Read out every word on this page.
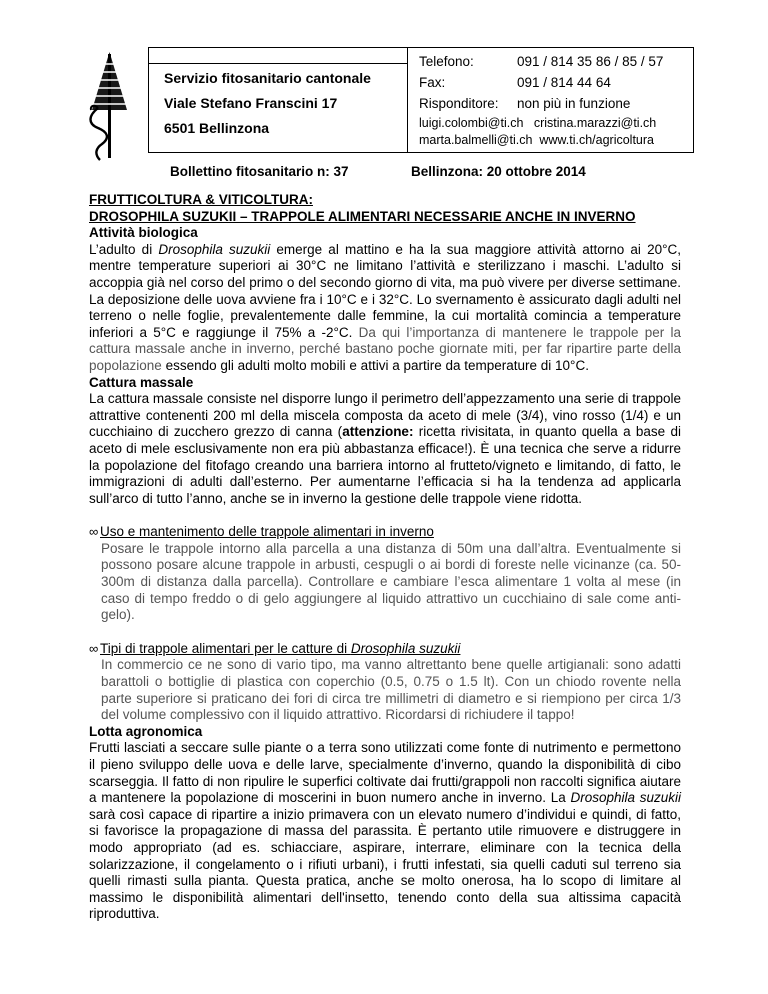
Servizio fitosanitario cantonale
Viale Stefano Franscini 17
6501 Bellinzona
Telefono:	091 / 814 35 86 / 85 / 57
Fax:	091 / 814 44 64
Risponditore: non più in funzione
luigi.colombi@ti.ch   cristina.marazzi@ti.ch
marta.balmelli@ti.ch  www.ti.ch/agricoltura
Bollettino fitosanitario n: 37	Bellinzona: 20 ottobre 2014

FRUTTICOLTURA & VITICOLTURA:

DROSOPHILA SUZUKII – TRAPPOLE ALIMENTARI NECESSARIE ANCHE IN INVERNO

Attività biologica

L’adulto di Drosophila suzukii emerge al mattino e ha la sua maggiore attività attorno ai 20°C, mentre temperature superiori ai 30°C ne limitano l’attività e sterilizzano i maschi. L’adulto si accoppia già nel corso del primo o del secondo giorno di vita, ma può vivere per diverse settimane. La deposizione delle uova avviene fra i 10°C e i 32°C. Lo svernamento è assicurato dagli adulti nel terreno o nelle foglie, prevalentemente dalle femmine, la cui mortalità comincia a temperature inferiori a 5°C e raggiunge il 75% a -2°C. Da qui l’importanza di mantenere le trappole per la cattura massale anche in inverno, perché bastano poche giornate miti, per far ripartire parte della popolazione essendo gli adulti molto mobili e attivi a partire da temperature di 10°C.

Cattura massale

La cattura massale consiste nel disporre lungo il perimetro dell’appezzamento una serie di trappole attrattive contenenti 200 ml della miscela composta da aceto di mele (3/4), vino rosso (1/4) e un cucchiaino di zucchero grezzo di canna (attenzione: ricetta rivisitata, in quanto quella a base di aceto di mele esclusivamente non era più abbastanza efficace!). È una tecnica che serve a ridurre la popolazione del fitofago creando una barriera intorno al frutteto/vigneto e limitando, di fatto, le immigrazioni di adulti dall’esterno. Per aumentarne l’efficacia si ha la tendenza ad applicarla sull’arco di tutto l’anno, anche se in inverno la gestione delle trappole viene ridotta.

∞ Uso e mantenimento delle trappole alimentari in inverno

Posare le trappole intorno alla parcella a una distanza di 50m una dall’altra. Eventualmente si possono posare alcune trappole in arbusti, cespugli o ai bordi di foreste nelle vicinanze (ca. 50-300m di distanza dalla parcella). Controllare e cambiare l’esca alimentare 1 volta al mese (in caso di tempo freddo o di gelo aggiungere al liquido attrattivo un cucchiaino di sale come anti-gelo).

∞ Tipi di trappole alimentari per le catture di Drosophila suzukii

In commercio ce ne sono di vario tipo, ma vanno altrettanto bene quelle artigianali: sono adatti barattoli o bottiglie di plastica con coperchio (0.5, 0.75 o 1.5 lt). Con un chiodo rovente nella parte superiore si praticano dei fori di circa tre millimetri di diametro e si riempiono per circa 1/3 del volume complessivo con il liquido attrattivo. Ricordarsi di richiudere il tappo!

Lotta agronomica

Frutti lasciati a seccare sulle piante o a terra sono utilizzati come fonte di nutrimento e permettono il pieno sviluppo delle uova e delle larve, specialmente d’inverno, quando la disponibilità di cibo scarseggia. Il fatto di non ripulire le superfici coltivate dai frutti/grappoli non raccolti significa aiutare a mantenere la popolazione di moscerini in buon numero anche in inverno. La Drosophila suzukii sarà così capace di ripartire a inizio primavera con un elevato numero d’individui e quindi, di fatto, si favorisce la propagazione di massa del parassita. È pertanto utile rimuovere e distruggere in modo appropriato (ad es. schiacciare, aspirare, interrare, eliminare con la tecnica della solarizzazione, il congelamento o i rifiuti urbani), i frutti infestati, sia quelli caduti sul terreno sia quelli rimasti sulla pianta. Questa pratica, anche se molto onerosa, ha lo scopo di limitare al massimo le disponibilità alimentari dell'insetto, tenendo conto della sua altissima capacità riproduttiva.
